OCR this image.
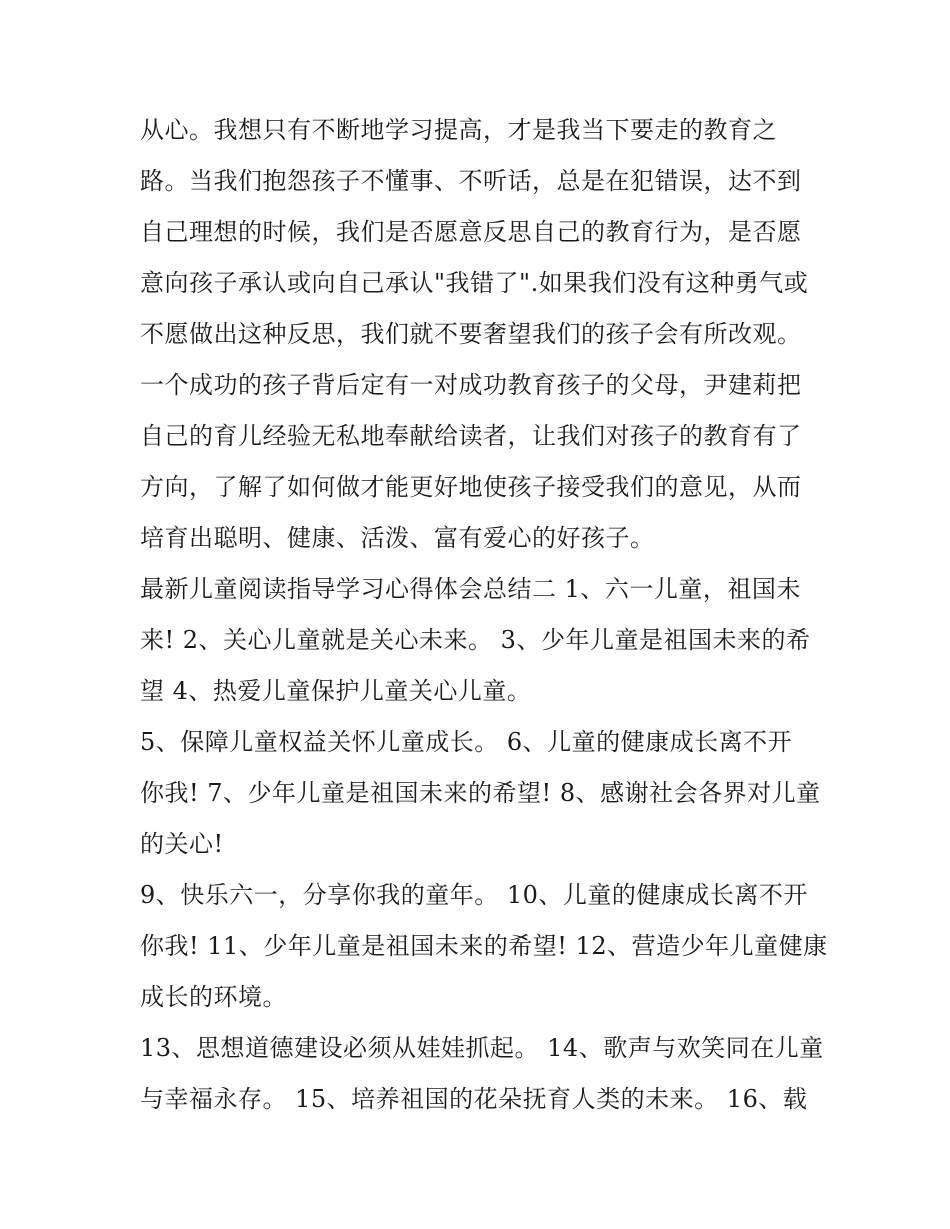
从心。我想只有不断地学习提高，才是我当下要走的教育之
路。当我们抱怨孩子不懂事、不听话，总是在犯错误，达不到
自己理想的时候，我们是否愿意反思自己的教育行为，是否愿
意向孩子承认或向自己承认"我错了".如果我们没有这种勇气或
不愿做出这种反思，我们就不要奢望我们的孩子会有所改观。
一个成功的孩子背后定有一对成功教育孩子的父母，尹建莉把
自己的育儿经验无私地奉献给读者，让我们对孩子的教育有了
方向，了解了如何做才能更好地使孩子接受我们的意见，从而
培育出聪明、健康、活泼、富有爱心的好孩子。
最新儿童阅读指导学习心得体会总结二 1、六一儿童，祖国未
来! 2、关心儿童就是关心未来。 3、少年儿童是祖国未来的希
望 4、热爱儿童保护儿童关心儿童。
5、保障儿童权益关怀儿童成长。 6、儿童的健康成长离不开
你我! 7、少年儿童是祖国未来的希望! 8、感谢社会各界对儿童
的关心!
9、快乐六一，分享你我的童年。 10、儿童的健康成长离不开
你我! 11、少年儿童是祖国未来的希望! 12、营造少年儿童健康
成长的环境。
13、思想道德建设必须从娃娃抓起。 14、歌声与欢笑同在儿童
与幸福永存。 15、培养祖国的花朵抚育人类的未来。 16、载
